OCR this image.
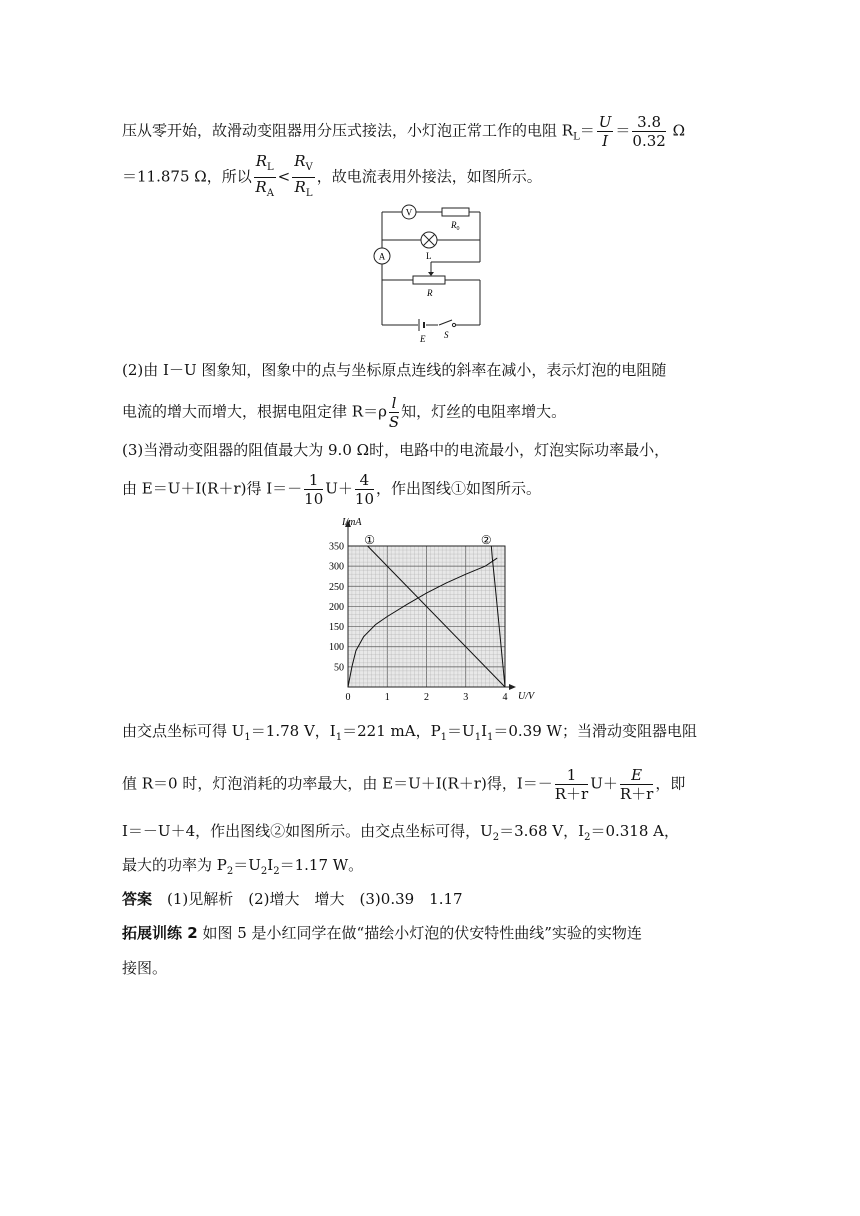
压从零开始，故滑动变阻器用分压式接法，小灯泡正常工作的电阻 $R_L= \frac{U}{I} = \frac{3.8}{0.32}$ Ω
＝11.875 Ω，所以 $\frac{R_L}{R_A} < \frac{R_V}{R_L}$ ，故电流表用外接法，如图所示。
V
$R_0$
L
A
R
E S
(2)由 I－U 图象知，图象中的点与坐标原点连线的斜率在减小，表示灯泡的电阻随
电流的增大而增大，根据电阻定律 $R=\rho \frac{l}{S}$ 知，灯丝的电阻率增大。
(3)当滑动变阻器的阻值最大为 9.0 Ω时，电路中的电流最小，灯泡实际功率最小，
由 E＝U＋I(R＋r)得 $I=- \frac{1}{10} U+ \frac{4}{10}$ ，作出图线①如图所示。
50
100
150
200
250
300
350
0	1	2	3	4
I/mA
U/V
①	②
由交点坐标可得 $U_1=1.78$ V，$I_1=221$ mA，$P_1=U_1I_1=0.39$ W；当滑动变阻器电阻
值 R＝0 时，灯泡消耗的功率最大，由 E＝U＋I(R＋r)得，$I=- \frac{1}{R+r} U+ \frac{E}{R+r}$ ，即
I＝－U＋4，作出图线②如图所示。由交点坐标可得，$U_2=3.68$ V，$I_2=0.318$ A，
最大的功率为 $P_2=U_2I_2=1.17$ W。
答案　 (1)见解析　(2)增大　增大　(3)0.39　1.17
拓展训练 2 如图 5 是小红同学在做“描绘小灯泡的伏安特性曲线”实验的实物连
接图。
